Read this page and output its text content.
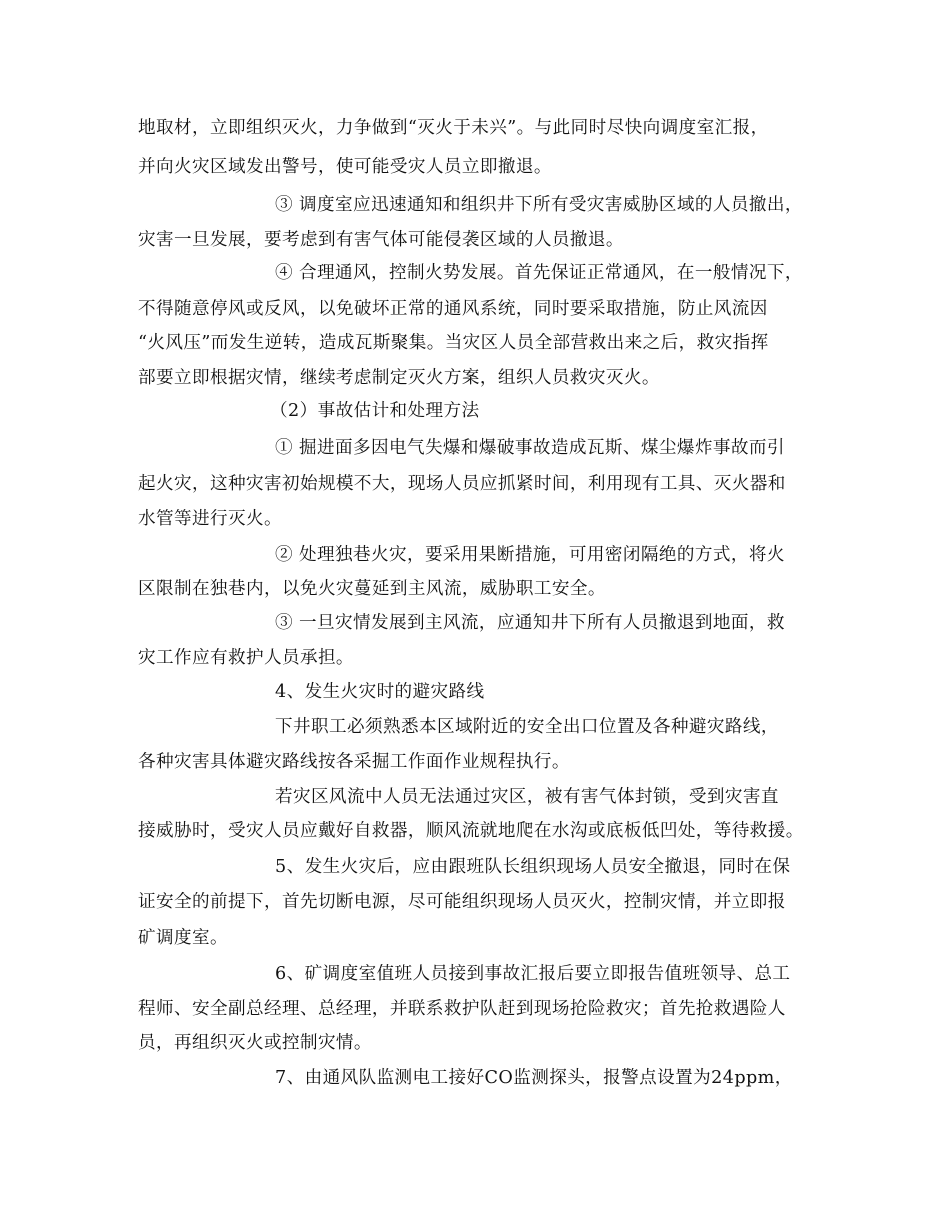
地取材，立即组织灭火，力争做到“灭火于未兴”。与此同时尽快向调度室汇报，
并向火灾区域发出警号，使可能受灾人员立即撤退。
③ 调度室应迅速通知和组织井下所有受灾害威胁区域的人员撤出，
灾害一旦发展，要考虑到有害气体可能侵袭区域的人员撤退。
④ 合理通风，控制火势发展。首先保证正常通风，在一般情况下，
不得随意停风或反风，以免破坏正常的通风系统，同时要采取措施，防止风流因
“火风压”而发生逆转，造成瓦斯聚集。当灾区人员全部营救出来之后，救灾指挥
部要立即根据灾情，继续考虑制定灭火方案，组织人员救灾灭火。
（2）事故估计和处理方法
① 掘进面多因电气失爆和爆破事故造成瓦斯、煤尘爆炸事故而引
起火灾，这种灾害初始规模不大，现场人员应抓紧时间，利用现有工具、灭火器和
水管等进行灭火。
② 处理独巷火灾，要采用果断措施，可用密闭隔绝的方式，将火
区限制在独巷内，以免火灾蔓延到主风流，威胁职工安全。
③ 一旦灾情发展到主风流，应通知井下所有人员撤退到地面，救
灾工作应有救护人员承担。
4、发生火灾时的避灾路线
下井职工必须熟悉本区域附近的安全出口位置及各种避灾路线，
各种灾害具体避灾路线按各采掘工作面作业规程执行。
若灾区风流中人员无法通过灾区，被有害气体封锁，受到灾害直
接威胁时，受灾人员应戴好自救器，顺风流就地爬在水沟或底板低凹处，等待救援。
5、发生火灾后，应由跟班队长组织现场人员安全撤退，同时在保
证安全的前提下，首先切断电源，尽可能组织现场人员灭火，控制灾情，并立即报
矿调度室。
6、矿调度室值班人员接到事故汇报后要立即报告值班领导、总工
程师、安全副总经理、总经理，并联系救护队赶到现场抢险救灾；首先抢救遇险人
员，再组织灭火或控制灾情。
7、由通风队监测电工接好CO监测探头，报警点设置为24ppm，
